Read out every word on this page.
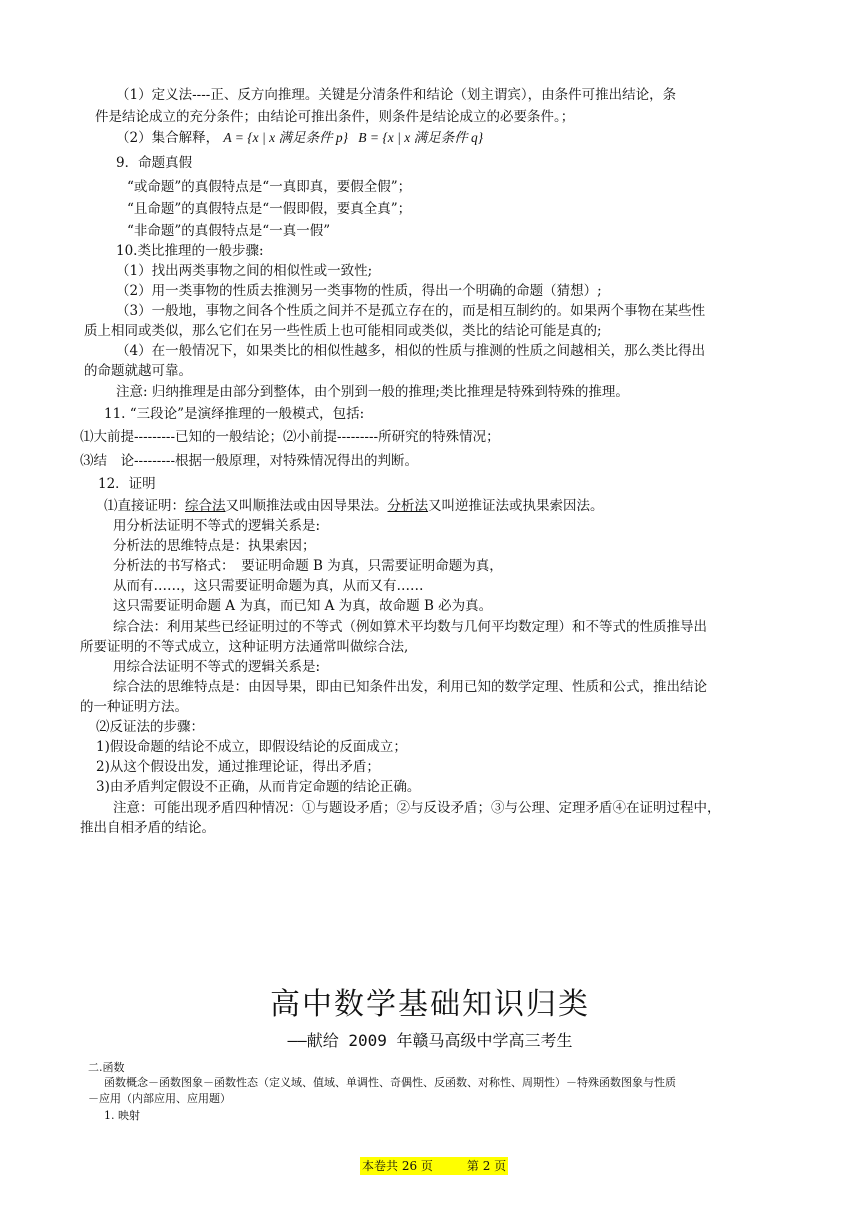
（1）定义法----正、反方向推理。关键是分清条件和结论（划主谓宾），由条件可推出结论，条
件是结论成立的充分条件；由结论可推出条件，则条件是结论成立的必要条件。；
（2）集合解释， A = {x | x 满足条件 p} B = {x | x 满足条件 q}
9．命题真假
“或命题”的真假特点是“一真即真，要假全假”；
“且命题”的真假特点是“一假即假，要真全真”；
“非命题”的真假特点是“一真一假”
10.类比推理的一般步骤:
（1）找出两类事物之间的相似性或一致性;
（2）用一类事物的性质去推测另一类事物的性质，得出一个明确的命题（猜想）;
（3）一般地，事物之间各个性质之间并不是孤立存在的，而是相互制约的。如果两个事物在某些性
质上相同或类似，那么它们在另一些性质上也可能相同或类似，类比的结论可能是真的;
（4）在一般情况下，如果类比的相似性越多，相似的性质与推测的性质之间越相关，那么类比得出
的命题就越可靠。
注意: 归纳推理是由部分到整体，由个别到一般的推理;类比推理是特殊到特殊的推理。
11. “三段论”是演绎推理的一般模式，包括:
⑴大前提---------已知的一般结论；⑵小前提---------所研究的特殊情况；
⑶结　论---------根据一般原理，对特殊情况得出的判断。
12．证明
⑴直接证明：综合法又叫顺推法或由因导果法。分析法又叫逆推证法或执果索因法。
用分析法证明不等式的逻辑关系是:
分析法的思维特点是：执果索因；
分析法的书写格式：　要证明命题 B 为真，只需要证明命题为真，
从而有……，这只需要证明命题为真，从而又有……
这只需要证明命题 A 为真，而已知 A 为真，故命题 B 必为真。
综合法：利用某些已经证明过的不等式（例如算术平均数与几何平均数定理）和不等式的性质推导出
所要证明的不等式成立，这种证明方法通常叫做综合法,
用综合法证明不等式的逻辑关系是:
综合法的思维特点是：由因导果，即由已知条件出发，利用已知的数学定理、性质和公式，推出结论
的一种证明方法。
⑵反证法的步骤：
1)假设命题的结论不成立，即假设结论的反面成立；
2)从这个假设出发，通过推理论证，得出矛盾；
3)由矛盾判定假设不正确，从而肯定命题的结论正确。
注意：可能出现矛盾四种情况：①与题设矛盾；②与反设矛盾；③与公理、定理矛盾④在证明过程中，
推出自相矛盾的结论。
高中数学基础知识归类
——献给 2009 年赣马高级中学高三考生
二.函数
函数概念－函数图象－函数性态（定义域、值域、单调性、奇偶性、反函数、对称性、周期性）－特殊函数图象与性质
－应用（内部应用、应用题）
1. 映射
本卷共 26 页	第 2 页
